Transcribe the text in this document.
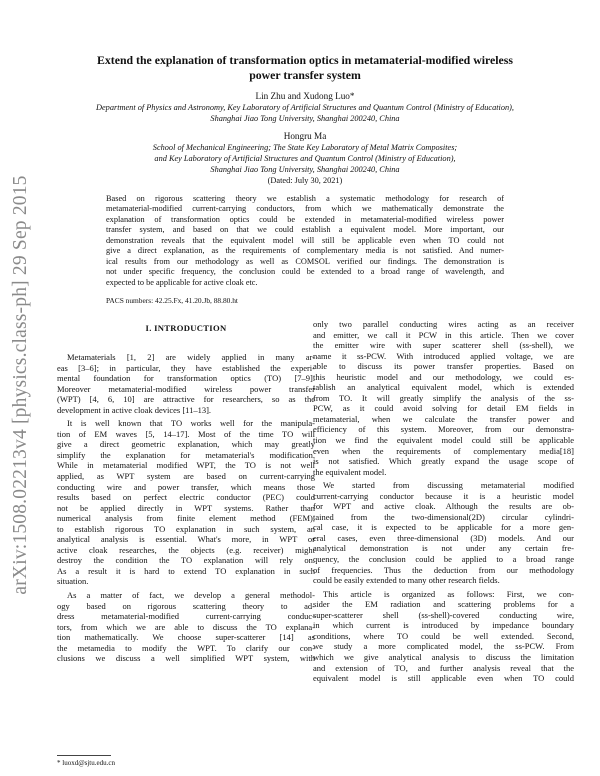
arXiv:1508.02213v4 [physics.class-ph] 29 Sep 2015
Extend the explanation of transformation optics in metamaterial-modified wireless
power transfer system
Lin Zhu and Xudong Luo*
Department of Physics and Astronomy, Key Laboratory of Artificial Structures and Quantum Control (Ministry of Education),
Shanghai Jiao Tong University, Shanghai 200240, China
Hongru Ma
School of Mechanical Engineering; The State Key Laboratory of Metal Matrix Composites;
and Key Laboratory of Artificial Structures and Quantum Control (Ministry of Education),
Shanghai Jiao Tong University, Shanghai 200240, China
(Dated: July 30, 2021)
Based on rigorous scattering theory we establish a systematic methodology for research of
metamaterial-modified current-carrying conductors, from which we mathematically demonstrate the
explanation of transformation optics could be extended in metamaterial-modified wireless power
transfer system, and based on that we could establish a equivalent model. More important, our
demonstration reveals that the equivalent model will still be applicable even when TO could not
give a direct explanation, as the requirements of complementary media is not satisfied. And numer-
ical results from our methodology as well as COMSOL verified our findings. The demonstration is
not under specific frequency, the conclusion could be extended to a broad range of wavelength, and
expected to be applicable for active cloak etc.
PACS numbers: 42.25.Fx, 41.20.Jb, 88.80.ht
I. INTRODUCTION
Metamaterials [1, 2] are widely applied in many ar-
eas [3–6]; in particular, they have established the experi-
mental foundation for transformation optics (TO) [7–9].
Moreover metamaterial-modified wireless power transfer
(WPT) [4, 6, 10] are attractive for researchers, so as the
development in active cloak devices [11–13].
It is well known that TO works well for the manipula-
tion of EM waves [5, 14–17]. Most of the time TO will
give a direct geometric explanation, which may greatly
simplify the explanation for metamaterial's modification.
While in metamaterial modified WPT, the TO is not well
applied, as WPT system are based on current-carrying
conducting wire and power transfer, which means those
results based on perfect electric conductor (PEC) could
not be applied directly in WPT systems. Rather than
numerical analysis from finite element method (FEM),
to establish rigorous TO explanation in such system, an
analytical analysis is essential. What's more, in WPT or
active cloak researches, the objects (e.g. receiver) might
destroy the condition the TO explanation will rely on.
As a result it is hard to extend TO explanation in such
situation.
As a matter of fact, we develop a general methodol-
ogy based on rigorous scattering theory to ad-
dress metamaterial-modified current-carrying conduc-
tors, from which we are able to discuss the TO explana-
tion mathematically. We choose super-scatterer [14] as
the metamedia to modify the WPT. To clarify our con-
clusions we discuss a well simplified WPT system, with
only two parallel conducting wires acting as an receiver
and emitter, we call it PCW in this article. Then we cover
the emitter wire with super scatterer shell (ss-shell), we
name it ss-PCW. With introduced applied voltage, we are
able to discuss its power transfer properties. Based on
this heuristic model and our methodology, we could es-
tablish an analytical equivalent model, which is extended
from TO. It will greatly simplify the analysis of the ss-
PCW, as it could avoid solving for detail EM fields in
metamaterial, when we calculate the transfer power and
efficiency of this system. Moreover, from our demonstra-
tion we find the equivalent model could still be applicable
even when the requirements of complementary media[18]
is not satisfied. Which greatly expand the usage scope of
the equivalent model.
We started from discussing metamaterial modified
current-carrying conductor because it is a heuristic model
for WPT and active cloak. Although the results are ob-
tained from the two-dimensional(2D) circular cylindri-
cal case, it is expected to be applicable for a more gen-
eral cases, even three-dimensional (3D) models. And our
analytical demonstration is not under any certain fre-
quency, the conclusion could be applied to a broad range
of frequencies. Thus the deduction from our methodology
could be easily extended to many other research fields.
This article is organized as follows: First, we con-
sider the EM radiation and scattering problems for a
super-scatterer shell (ss-shell)-covered conducting wire,
in which current is introduced by impedance boundary
conditions, where TO could be well extended. Second,
we study a more complicated model, the ss-PCW. From
which we give analytical analysis to discuss the limitation
and extension of TO, and further analysis reveal that the
equivalent model is still applicable even when TO could
* luoxd@sjtu.edu.cn
